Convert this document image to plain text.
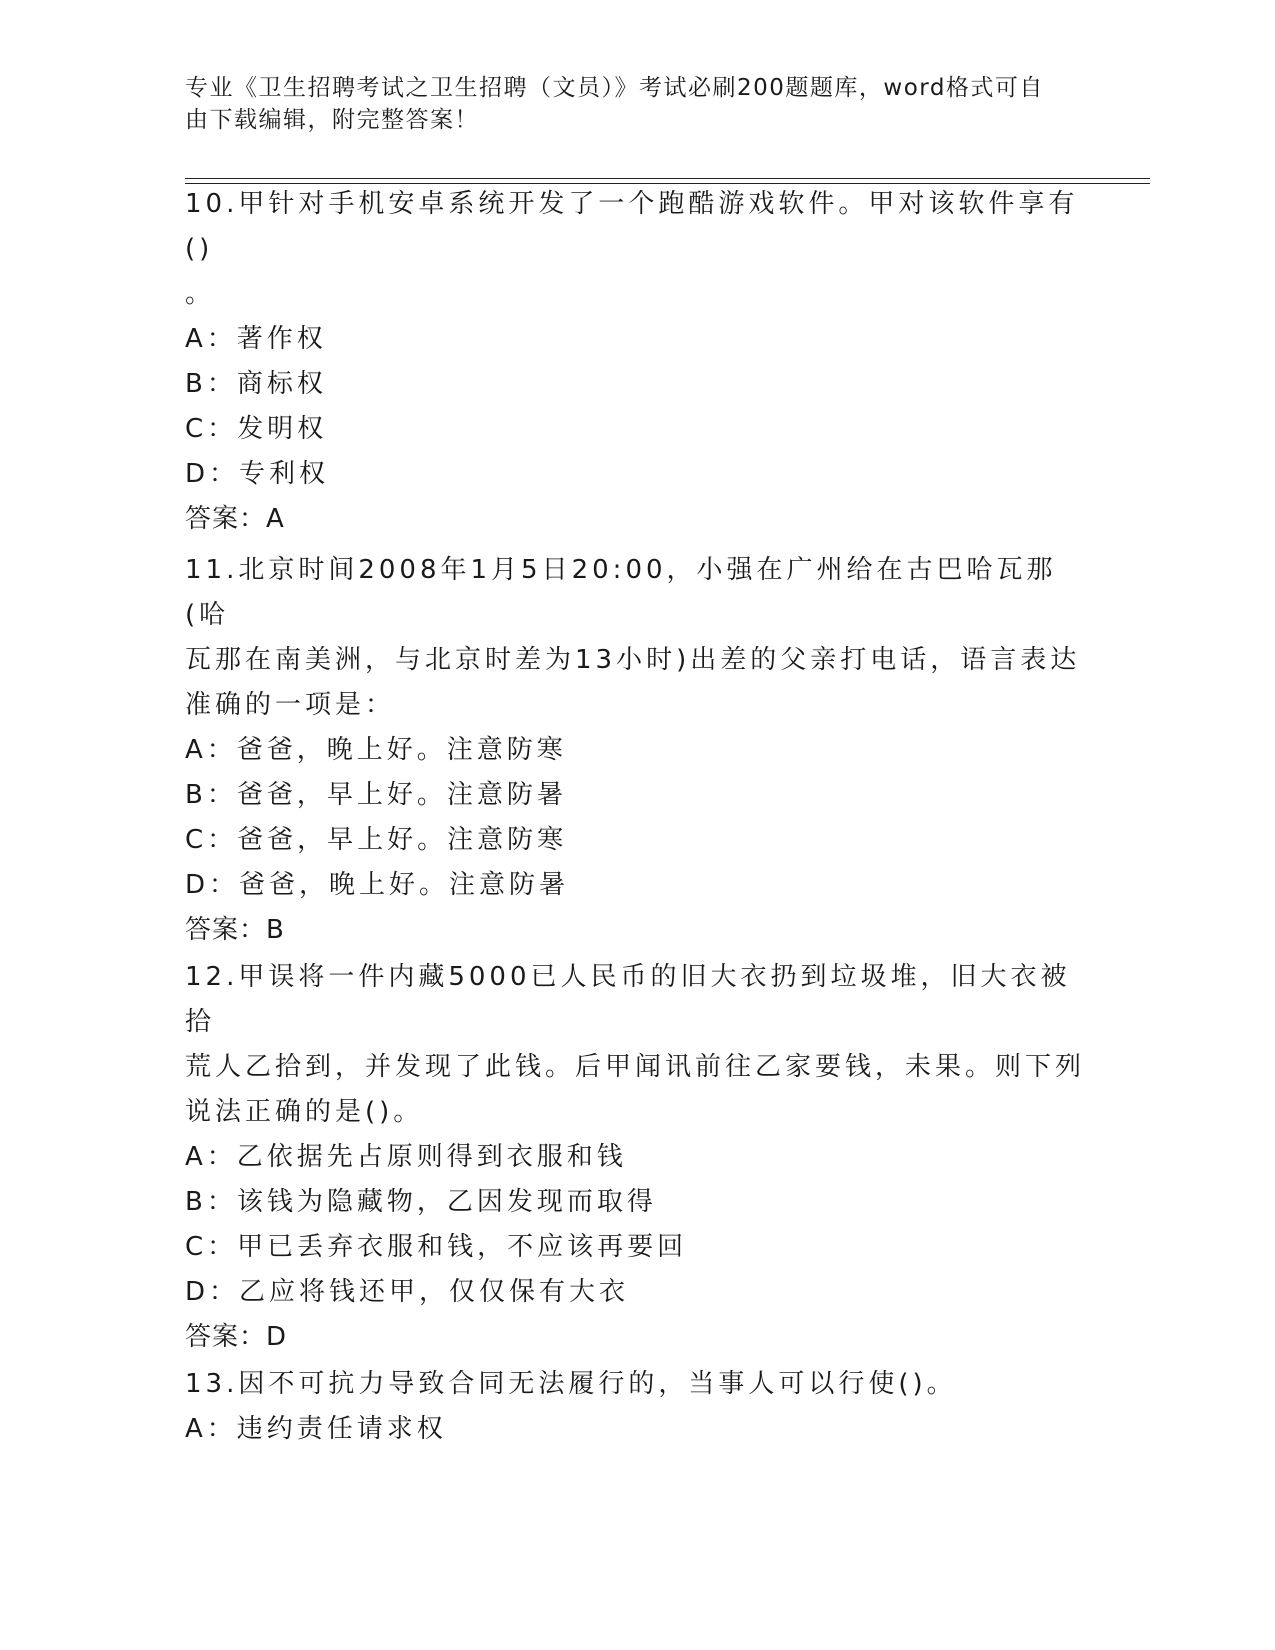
专业《卫生招聘考试之卫生招聘（文员）》考试必刷200题题库，word格式可自
由下载编辑，附完整答案！

10.甲针对手机安卓系统开发了一个跑酷游戏软件。甲对该软件享有()

。

A：著作权

B：商标权

C：发明权

D：专利权

答案：A

11.北京时间2008年1月5日20:00，小强在广州给在古巴哈瓦那(哈

瓦那在南美洲，与北京时差为13小时)出差的父亲打电话，语言表达

准确的一项是：

A：爸爸，晚上好。注意防寒

B：爸爸，早上好。注意防暑

C：爸爸，早上好。注意防寒

D：爸爸，晚上好。注意防暑

答案：B

12.甲误将一件内藏5000已人民币的旧大衣扔到垃圾堆，旧大衣被拾

荒人乙拾到，并发现了此钱。后甲闻讯前往乙家要钱，未果。则下列

说法正确的是()。

A：乙依据先占原则得到衣服和钱

B：该钱为隐藏物，乙因发现而取得

C：甲已丢弃衣服和钱，不应该再要回

D：乙应将钱还甲，仅仅保有大衣

答案：D

13.因不可抗力导致合同无法履行的，当事人可以行使()。

A：违约责任请求权
